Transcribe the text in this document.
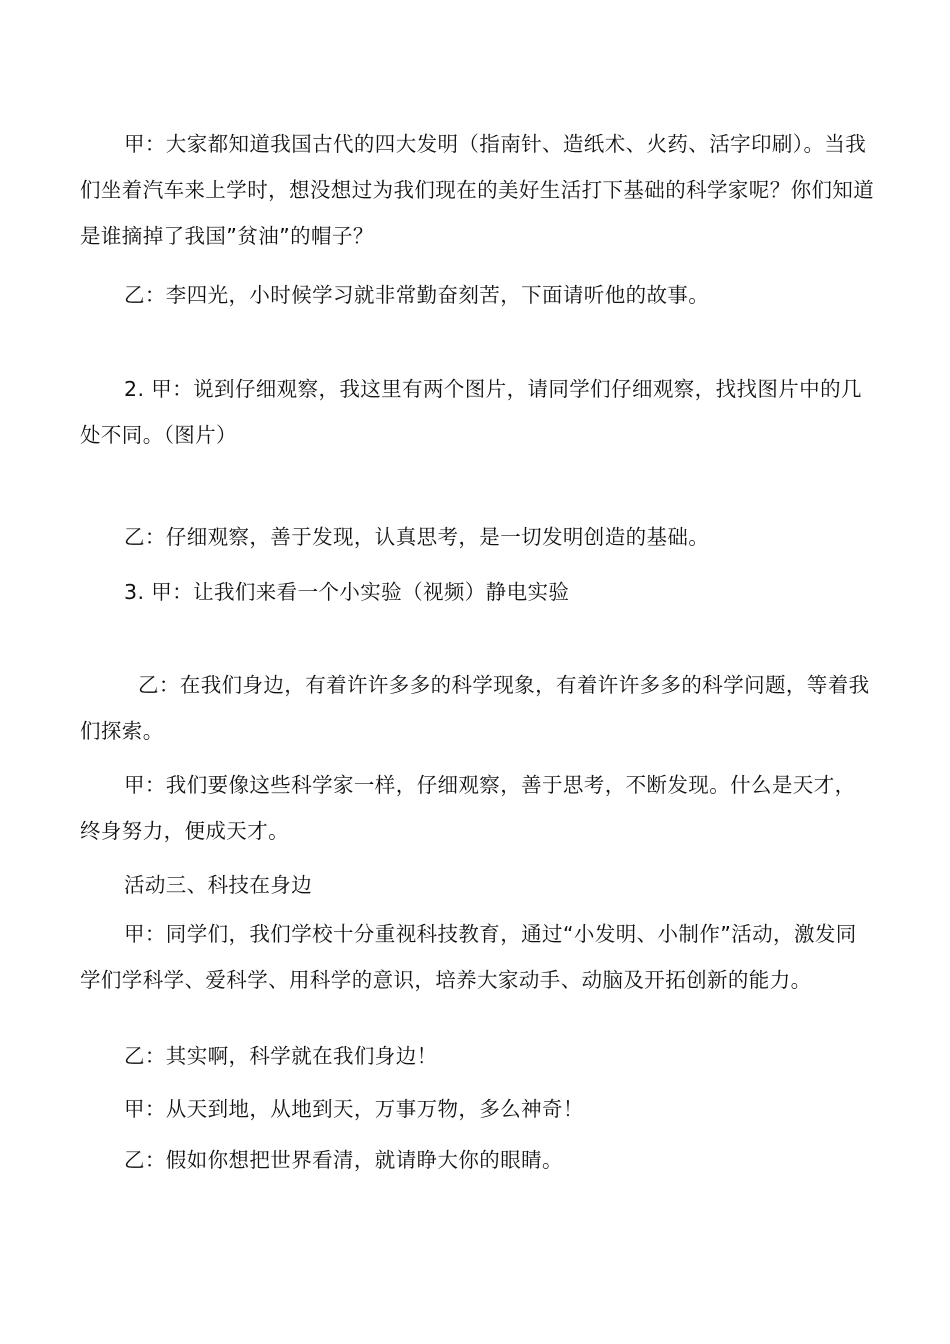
甲：大家都知道我国古代的四大发明（指南针、造纸术、火药、活字印刷）。当我们坐着汽车来上学时，想没想过为我们现在的美好生活打下基础的科学家呢？你们知道是谁摘掉了我国”贫油”的帽子？

乙：李四光，小时候学习就非常勤奋刻苦，下面请听他的故事。

2. 甲：说到仔细观察，我这里有两个图片，请同学们仔细观察，找找图片中的几处不同。（图片）

乙：仔细观察，善于发现，认真思考，是一切发明创造的基础。

3. 甲：让我们来看一个小实验（视频）静电实验

乙：在我们身边，有着许许多多的科学现象，有着许许多多的科学问题，等着我们探索。

甲：我们要像这些科学家一样，仔细观察，善于思考，不断发现。什么是天才，终身努力，便成天才。

活动三、科技在身边

甲：同学们，我们学校十分重视科技教育，通过“小发明、小制作”活动，激发同学们学科学、爱科学、用科学的意识，培养大家动手、动脑及开拓创新的能力。

乙：其实啊，科学就在我们身边！

甲：从天到地，从地到天，万事万物，多么神奇！

乙：假如你想把世界看清，就请睁大你的眼睛。
